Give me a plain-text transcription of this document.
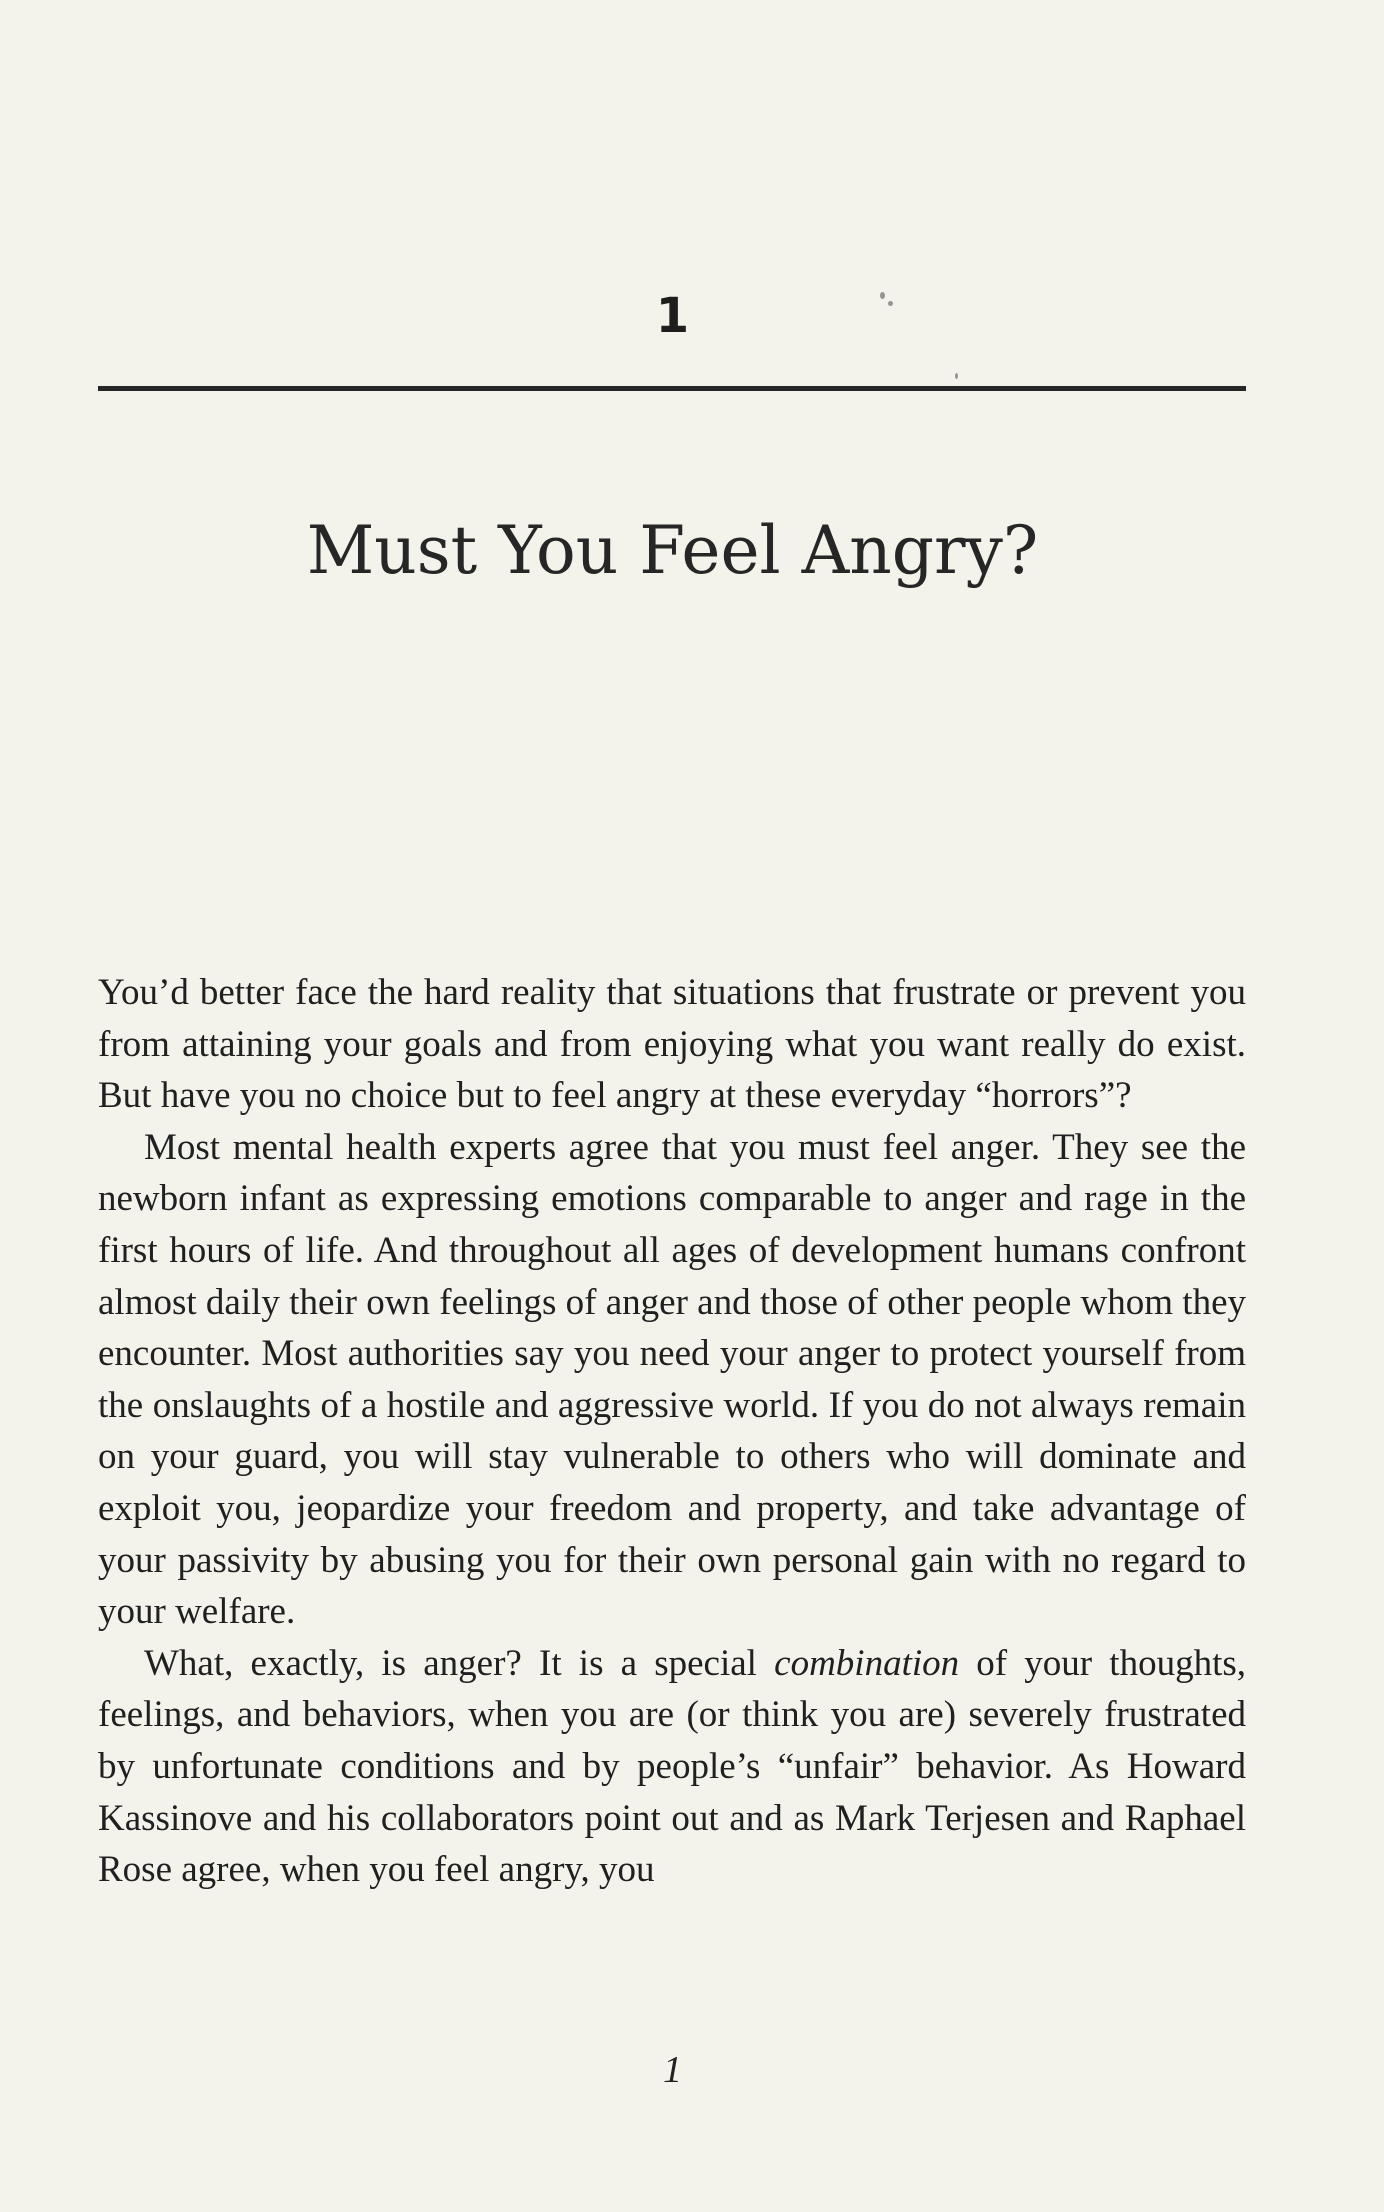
1
Must You Feel Angry?

You’d better face the hard reality that situations that frustrate or prevent you from attaining your goals and from enjoying what you want really do exist. But have you no choice but to feel angry at these everyday “horrors”?

Most mental health experts agree that you must feel anger. They see the newborn infant as expressing emotions comparable to anger and rage in the first hours of life. And throughout all ages of development humans confront almost daily their own feelings of anger and those of other people whom they encounter. Most authorities say you need your anger to protect yourself from the onslaughts of a hostile and aggressive world. If you do not always remain on your guard, you will stay vulnerable to others who will dominate and exploit you, jeopardize your freedom and property, and take advantage of your passivity by abusing you for their own personal gain with no regard to your welfare.

What, exactly, is anger? It is a special combination of your thoughts, feelings, and behaviors, when you are (or think you are) severely frustrated by unfortunate conditions and by people’s “unfair” behavior. As Howard Kassinove and his collaborators point out and as Mark Terjesen and Raphael Rose agree, when you feel angry, you

1
